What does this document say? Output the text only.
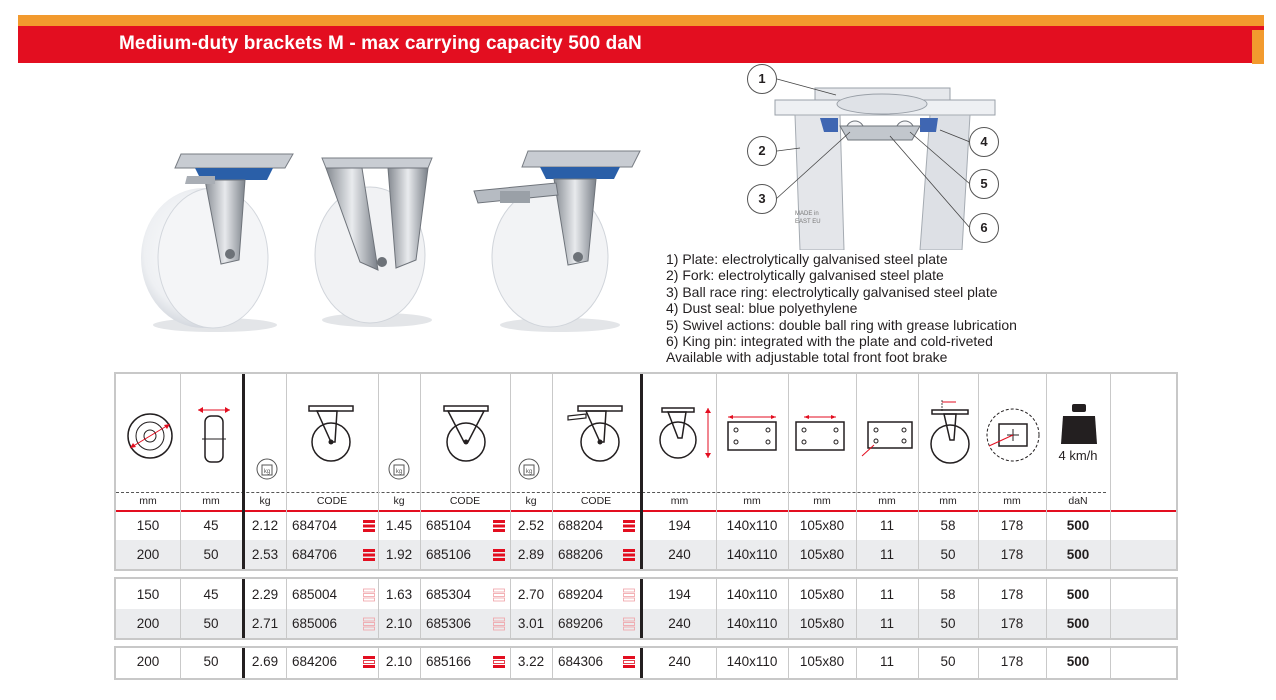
Medium-duty brackets M - max carrying capacity 500 daN
MADE in
EAST EU
1
2
3
4
5
6
1) Plate: electrolytically galvanised steel plate
2) Fork: electrolytically galvanised steel plate
3) Ball race ring: electrolytically galvanised steel plate
4) Dust seal: blue polyethylene
5) Swivel actions: double ball ring with grease lubrication
6) King pin: integrated with the plate and cold-riveted
Available with adjustable total front foot brake
4 km/h
kg	kg	kg
mm	mm	kg	CODE	kg	CODE	kg	CODE	mm	mm	mm	mm	mm	mm	daN
150	45	2.12	684704	1.45	685104	2.52	688204	194	140x110	105x80	11	58	178	500
200	50	2.53	684706	1.92	685106	2.89	688206	240	140x110	105x80	11	50	178	500
150	45	2.29	685004	1.63	685304	2.70	689204	194	140x110	105x80	11	58	178	500
200	50	2.71	685006	2.10	685306	3.01	689206	240	140x110	105x80	11	50	178	500
200	50	2.69	684206	2.10	685166	3.22	684306	240	140x110	105x80	11	50	178	500
